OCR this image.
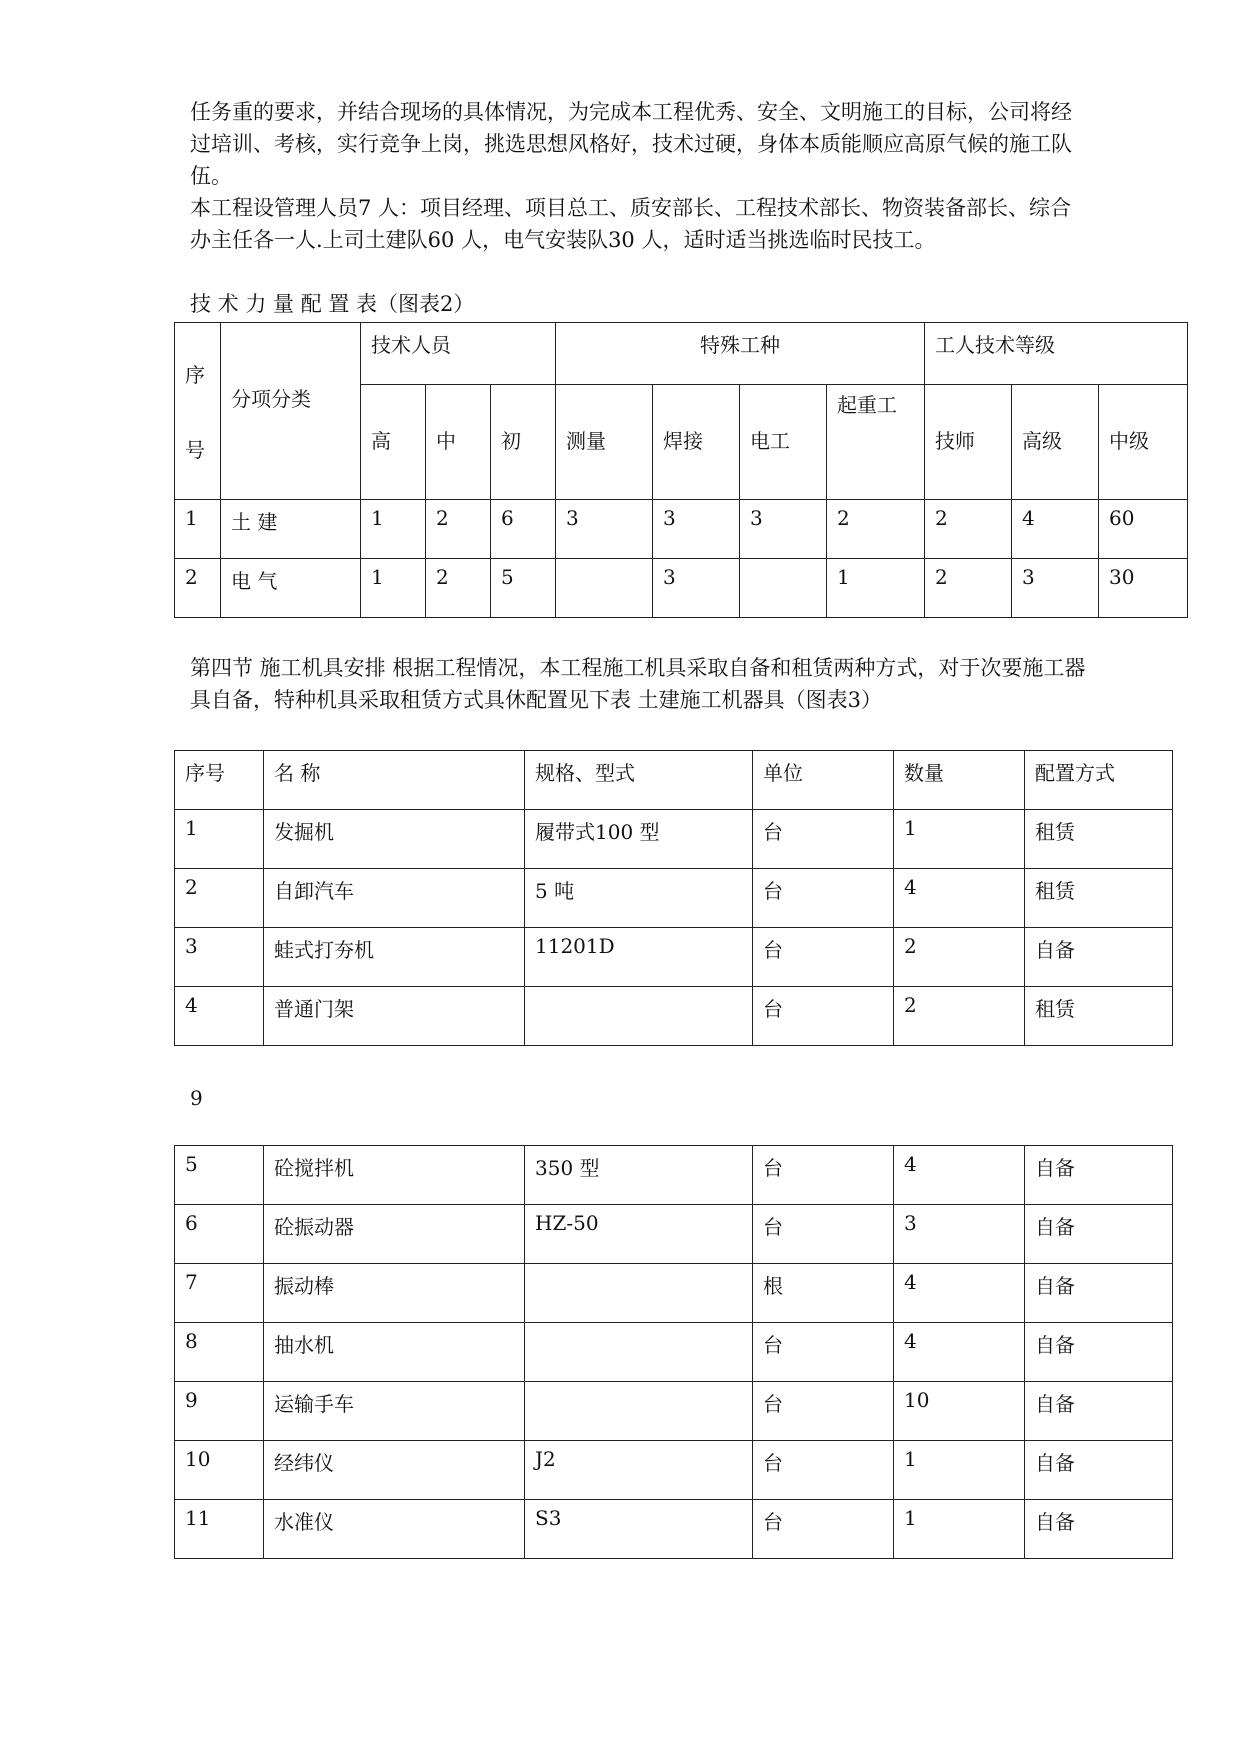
任务重的要求，并结合现场的具体情况，为完成本工程优秀、安全、文明施工的目标，公司将经过培训、考核，实行竞争上岗，挑选思想风格好，技术过硬，身体本质能顺应高原气候的施工队伍。

本工程设管理人员7 人：项目经理、项目总工、质安部长、工程技术部长、物资装备部长、综合办主任各一人.上司土建队60 人，电气安装队30 人，适时适当挑选临时民技工。

技 术 力 量 配 置 表（图表2）

序
号	分项分类	技术人员			特殊工种				工人技术等级		
		高	中	初	测量	焊接	电工	起重工	技师	高级	中级
1	土 建	1	2	6	3	3	3	2	2	4	60
2	电 气	1	2	5		3		1	2	3	30

第四节 施工机具安排 根据工程情况，本工程施工机具采取自备和租赁两种方式，对于次要施工器具自备，特种机具采取租赁方式具休配置见下表 土建施工机器具（图表3）

序号	名 称	规格、型式	单位	数量	配置方式
1	发掘机	履带式100 型	台	1	租赁
2	自卸汽车	5 吨	台	4	租赁
3	蛙式打夯机	11201D	台	2	自备
4	普通门架		台	2	租赁
9
5	砼搅拌机	350 型	台	4	自备
6	砼振动器	HZ-50	台	3	自备
7	振动棒		根	4	自备
8	抽水机		台	4	自备
9	运输手车		台	10	自备
10	经纬仪	J2	台	1	自备
11	水准仪	S3	台	1	自备
